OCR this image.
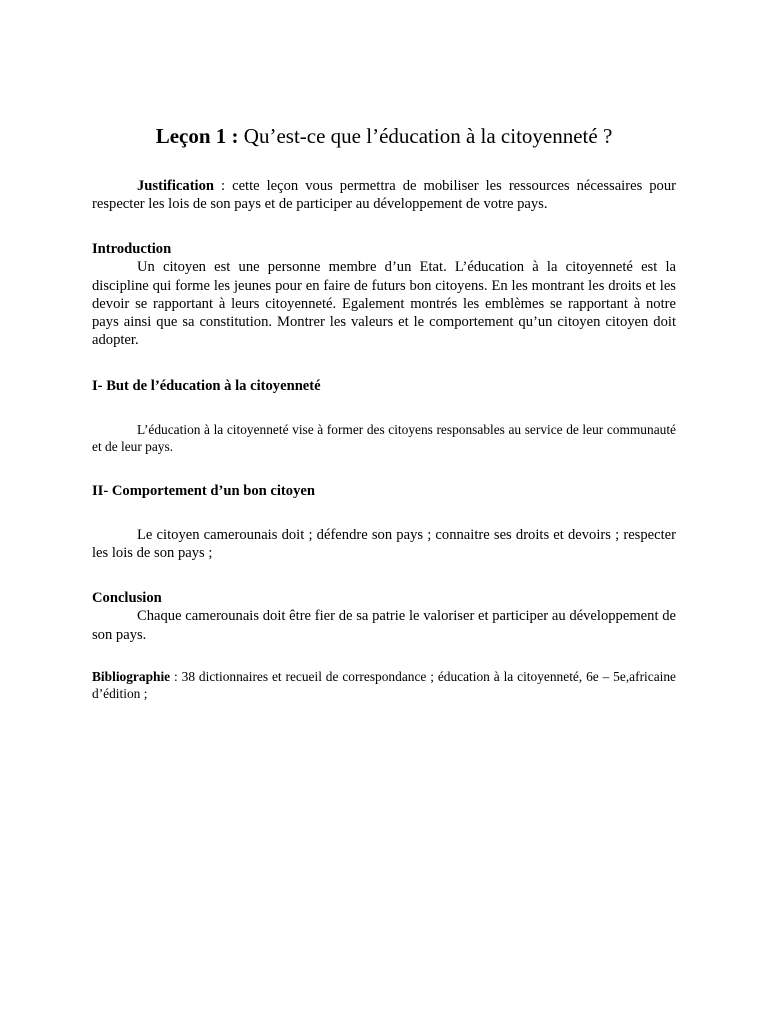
Leçon 1 : Qu’est-ce que l’éducation à la citoyenneté ?

Justification : cette leçon vous permettra de mobiliser les ressources nécessaires pour respecter les lois de son pays et de participer au développement de votre pays.

Introduction

Un citoyen est une personne membre d’un Etat. L’éducation à la citoyenneté est la discipline qui forme les jeunes pour en faire de futurs bon citoyens. En les montrant les droits et les devoir se rapportant à leurs citoyenneté. Egalement montrés les emblèmes se rapportant à notre pays ainsi que sa constitution. Montrer les valeurs et le comportement qu’un citoyen citoyen doit adopter.

I- But de l’éducation à la citoyenneté

L’éducation à la citoyenneté vise à former des citoyens responsables au service de leur communauté et de leur pays.

II- Comportement d’un bon citoyen

Le citoyen camerounais doit ; défendre son pays ; connaitre ses droits et devoirs ; respecter les lois de son pays ;

Conclusion

Chaque camerounais doit être fier de sa patrie le valoriser et participer au développement de son pays.

Bibliographie : 38 dictionnaires et recueil de correspondance ; éducation à la citoyenneté, 6e – 5e,africaine d’édition ;
